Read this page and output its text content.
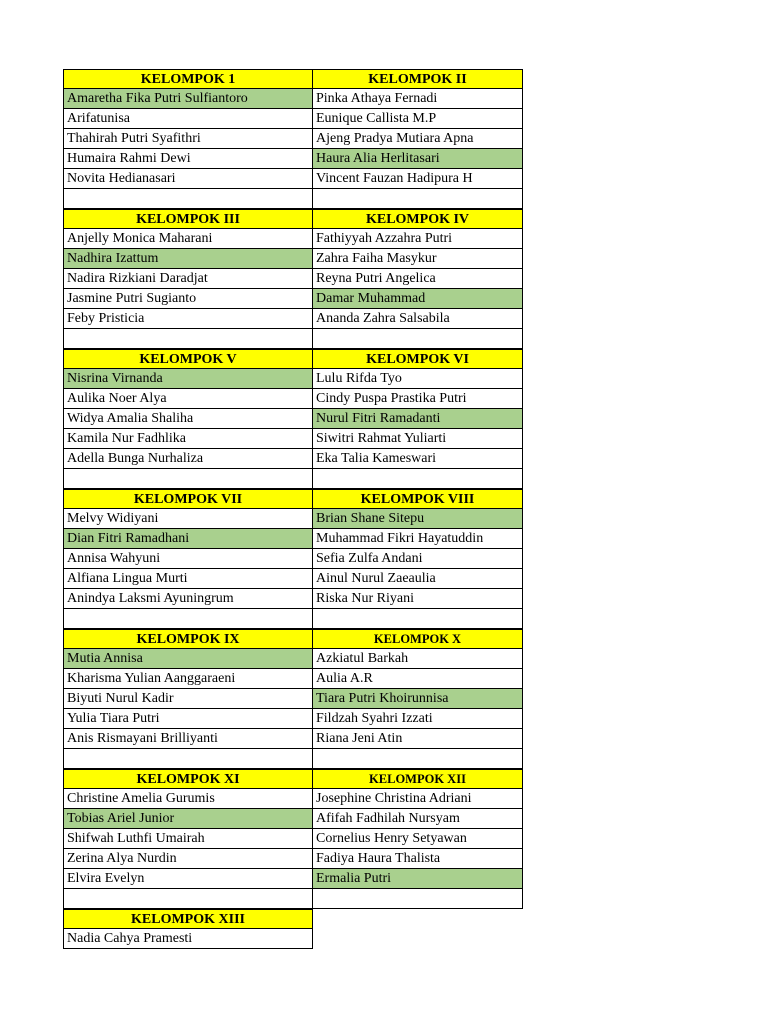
KELOMPOK 1	KELOMPOK II
Amaretha Fika Putri Sulfiantoro	Pinka Athaya Fernadi
Arifatunisa	Eunique Callista M.P
Thahirah Putri Syafithri	Ajeng Pradya Mutiara Apna
Humaira Rahmi Dewi	Haura Alia Herlitasari
Novita Hedianasari	Vincent Fauzan Hadipura H
KELOMPOK III	KELOMPOK IV
Anjelly Monica Maharani	Fathiyyah Azzahra Putri
Nadhira Izattum	Zahra Faiha Masykur
Nadira Rizkiani Daradjat	Reyna Putri Angelica
Jasmine Putri Sugianto	Damar Muhammad
Feby Pristicia	Ananda Zahra Salsabila
KELOMPOK V	KELOMPOK VI
Nisrina Virnanda	Lulu Rifda Tyo
Aulika Noer Alya	Cindy Puspa Prastika Putri
Widya Amalia Shaliha	Nurul Fitri Ramadanti
Kamila Nur Fadhlika	Siwitri Rahmat Yuliarti
Adella Bunga Nurhaliza	Eka Talia Kameswari
KELOMPOK VII	KELOMPOK VIII
Melvy Widiyani	Brian Shane Sitepu
Dian Fitri Ramadhani	Muhammad Fikri Hayatuddin
Annisa Wahyuni	Sefia Zulfa Andani
Alfiana Lingua Murti	Ainul Nurul Zaeaulia
Anindya Laksmi Ayuningrum	Riska Nur Riyani
KELOMPOK IX	KELOMPOK X
Mutia Annisa	Azkiatul Barkah
Kharisma Yulian Aanggaraeni	Aulia A.R
Biyuti Nurul Kadir	Tiara Putri Khoirunnisa
Yulia Tiara Putri	Fildzah Syahri Izzati
Anis Rismayani Brilliyanti	Riana Jeni Atin
KELOMPOK XI	KELOMPOK XII
Christine Amelia Gurumis	Josephine Christina Adriani
Tobias Ariel Junior	Afifah Fadhilah Nursyam
Shifwah Luthfi Umairah	Cornelius Henry Setyawan
Zerina Alya Nurdin	Fadiya Haura Thalista
Elvira Evelyn	Ermalia Putri
KELOMPOK XIII
Nadia Cahya Pramesti
